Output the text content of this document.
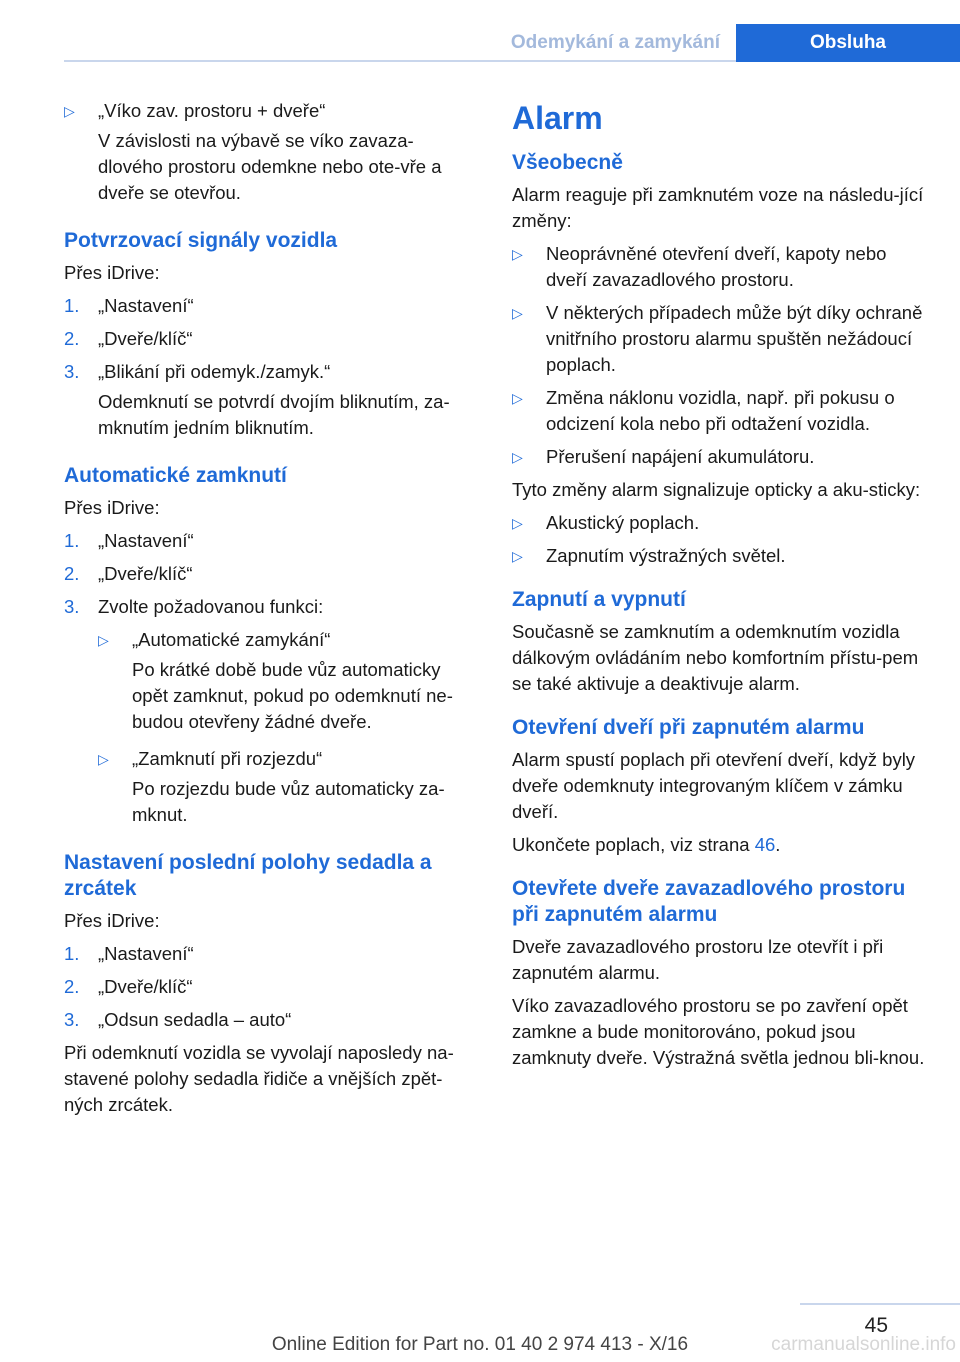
Odemykání a zamykání	Obsluha
▷	„Víko zav. prostoru + dveře“

V závislosti na výbavě se víko zavaza-dlového prostoru odemkne nebo ote-vře a dveře se otevřou.

Potvrzovací signály vozidla

Přes iDrive:

1.	„Nastavení“
2.	„Dveře/klíč“
3.	„Blikání při odemyk./zamyk.“

Odemknutí se potvrdí dvojím bliknutím, za-mknutím jedním bliknutím.

Automatické zamknutí

Přes iDrive:

1.	„Nastavení“
2.	„Dveře/klíč“
3.	Zvolte požadovanou funkci:
▷	„Automatické zamykání“

Po krátké době bude vůz automaticky opět zamknut, pokud po odemknutí ne-budou otevřeny žádné dveře.

▷	„Zamknutí při rozjezdu“

Po rozjezdu bude vůz automaticky za-mknut.

Nastavení poslední polohy sedadla a zrcátek

Přes iDrive:

1.	„Nastavení“
2.	„Dveře/klíč“
3.	„Odsun sedadla – auto“

Při odemknutí vozidla se vyvolají naposledy na-stavené polohy sedadla řidiče a vnějších zpět-ných zrcátek.

Alarm
Všeobecně

Alarm reaguje při zamknutém voze na následu-jící změny:

▷	Neoprávněné otevření dveří, kapoty nebo dveří zavazadlového prostoru.
▷	V některých případech může být díky ochraně vnitřního prostoru alarmu spuštěn nežádoucí poplach.
▷	Změna náklonu vozidla, např. při pokusu o odcizení kola nebo při odtažení vozidla.
▷	Přerušení napájení akumulátoru.

Tyto změny alarm signalizuje opticky a aku-sticky:

▷	Akustický poplach.
▷	Zapnutím výstražných světel.
Zapnutí a vypnutí

Současně se zamknutím a odemknutím vozidla dálkovým ovládáním nebo komfortním přístu-pem se také aktivuje a deaktivuje alarm.

Otevření dveří při zapnutém alarmu

Alarm spustí poplach při otevření dveří, když byly dveře odemknuty integrovaným klíčem v zámku dveří.

Ukončete poplach, viz strana 46.

Otevřete dveře zavazadlového prostoru při zapnutém alarmu

Dveře zavazadlového prostoru lze otevřít i při zapnutém alarmu.

Víko zavazadlového prostoru se po zavření opět zamkne a bude monitorováno, pokud jsou zamknuty dveře. Výstražná světla jednou bli-knou.

45
Online Edition for Part no. 01 40 2 974 413 - X/16	carmanualsonline.info
